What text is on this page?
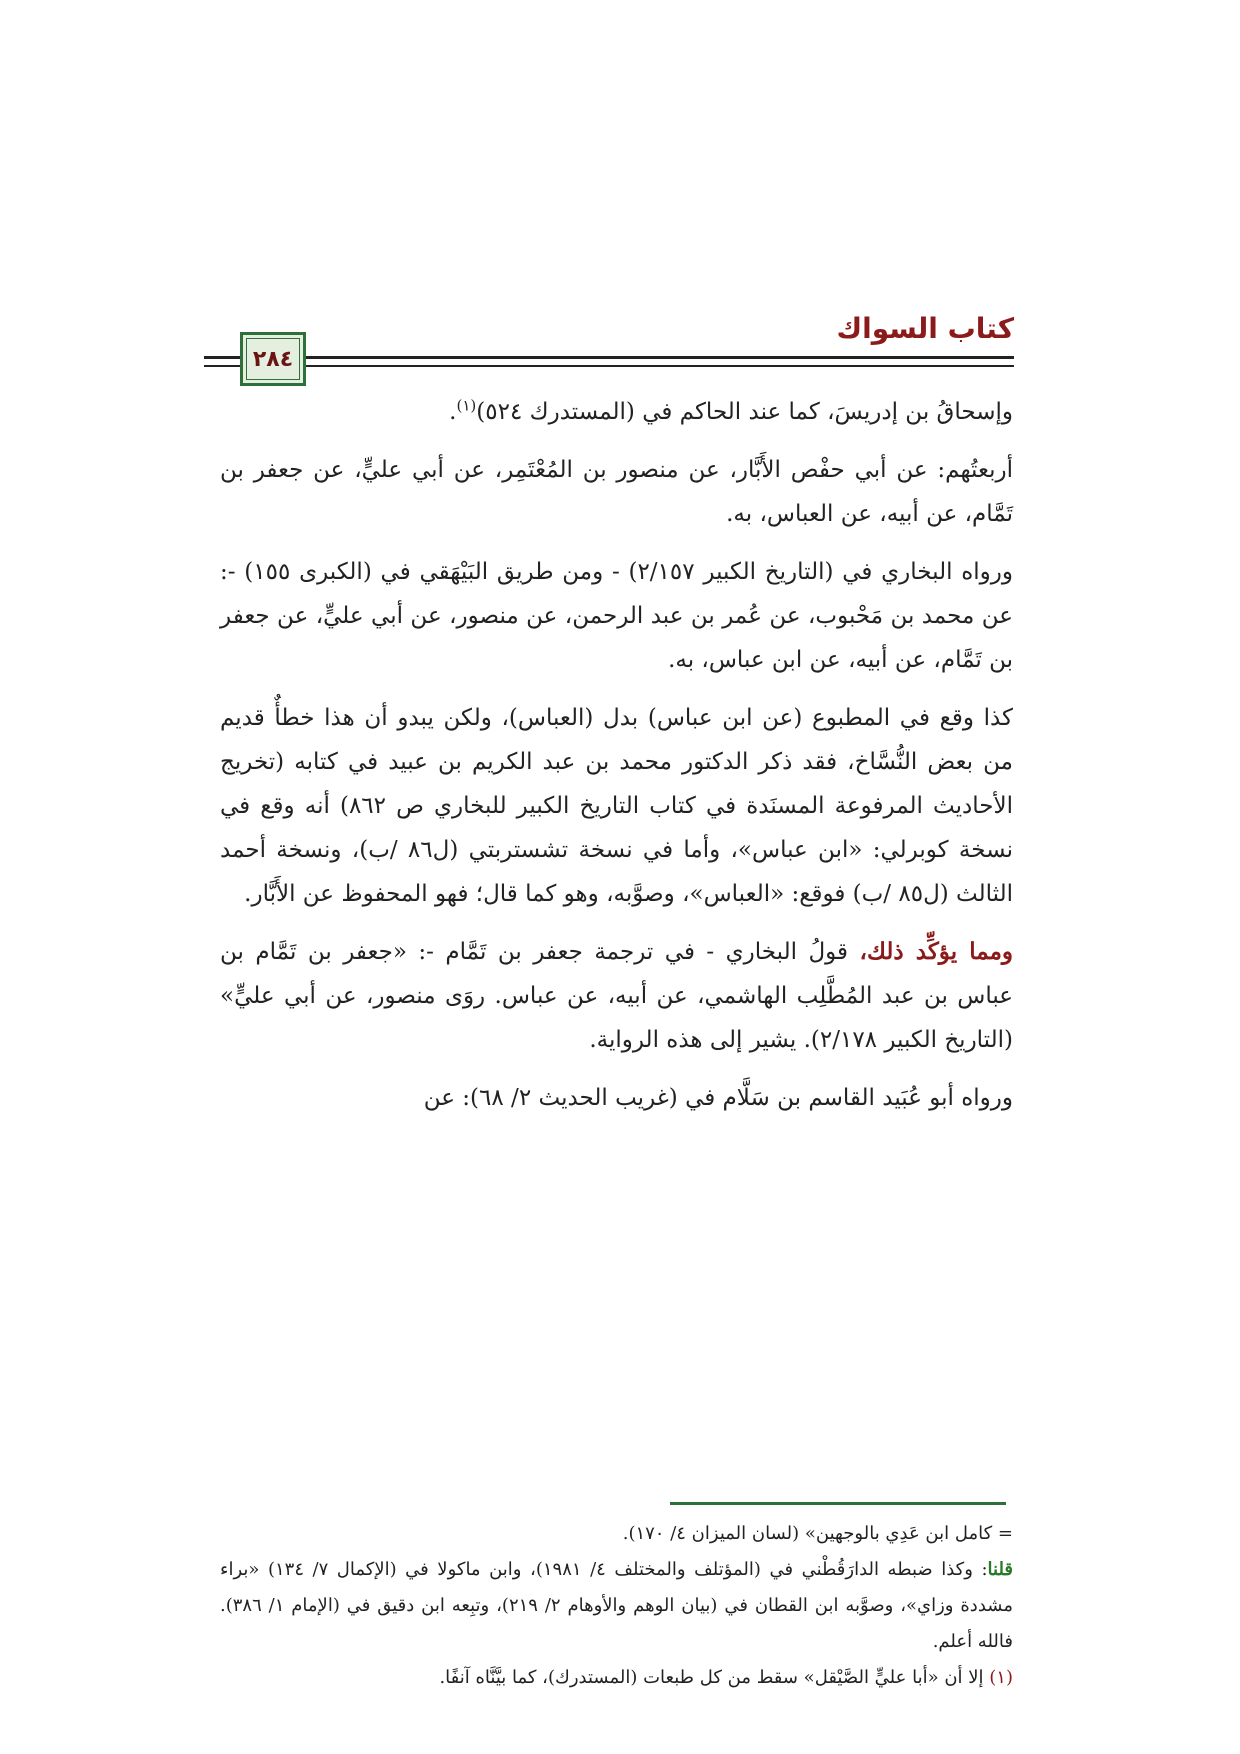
كتاب السواك
٢٨٤

وإسحاقُ بن إدريسَ، كما عند الحاكم في (المستدرك ٥٢٤)$^{(١)}$.

أربعتُهم: عن أبي حفْص الأَبَّار، عن منصور بن المُعْتَمِر، عن أبي عليٍّ، عن جعفر بن تَمَّام، عن أبيه، عن العباس، به.

ورواه البخاري في (التاريخ الكبير ٢/١٥٧) - ومن طريق البَيْهَقي في (الكبرى ١٥٥) -: عن محمد بن مَحْبوب، عن عُمر بن عبد الرحمن، عن منصور، عن أبي عليٍّ، عن جعفر بن تَمَّام، عن أبيه، عن ابن عباس، به.

كذا وقع في المطبوع (عن ابن عباس) بدل (العباس)، ولكن يبدو أن هذا خطأٌ قديم من بعض النُّسَّاخ، فقد ذكر الدكتور محمد بن عبد الكريم بن عبيد في كتابه (تخريج الأحاديث المرفوعة المسنَدة في كتاب التاريخ الكبير للبخاري ص ٨٦٢) أنه وقع في نسخة كوبرلي: «ابن عباس»، وأما في نسخة تشستربتي (ل٨٦ /ب)، ونسخة أحمد الثالث (ل٨٥ /ب) فوقع: «العباس»، وصوَّبه، وهو كما قال؛ فهو المحفوظ عن الأَبَّار.

ومما يؤكِّد ذلك، قولُ البخاري - في ترجمة جعفر بن تَمَّام -: «جعفر بن تَمَّام بن عباس بن عبد المُطَّلِب الهاشمي، عن أبيه، عن عباس. روَى منصور، عن أبي عليٍّ» (التاريخ الكبير ٢/١٧٨). يشير إلى هذه الرواية.

ورواه أبو عُبَيد القاسم بن سَلَّام في (غريب الحديث ٢/ ٦٨): عن

= كامل ابن عَدِي بالوجهين» (لسان الميزان ٤/ ١٧٠).

قلنا: وكذا ضبطه الدارَقُطْني في (المؤتلف والمختلف ٤/ ١٩٨١)، وابن ماكولا في (الإكمال ٧/ ١٣٤) «براء مشددة وزاي»، وصوَّبه ابن القطان في (بيان الوهم والأوهام ٢/ ٢١٩)، وتبِعه ابن دقيق في (الإمام ١/ ٣٨٦). فالله أعلم.

(١) إلا أن «أبا عليٍّ الصَّيْقل» سقط من كل طبعات (المستدرك)، كما بيَّنَّاه آنفًا.
